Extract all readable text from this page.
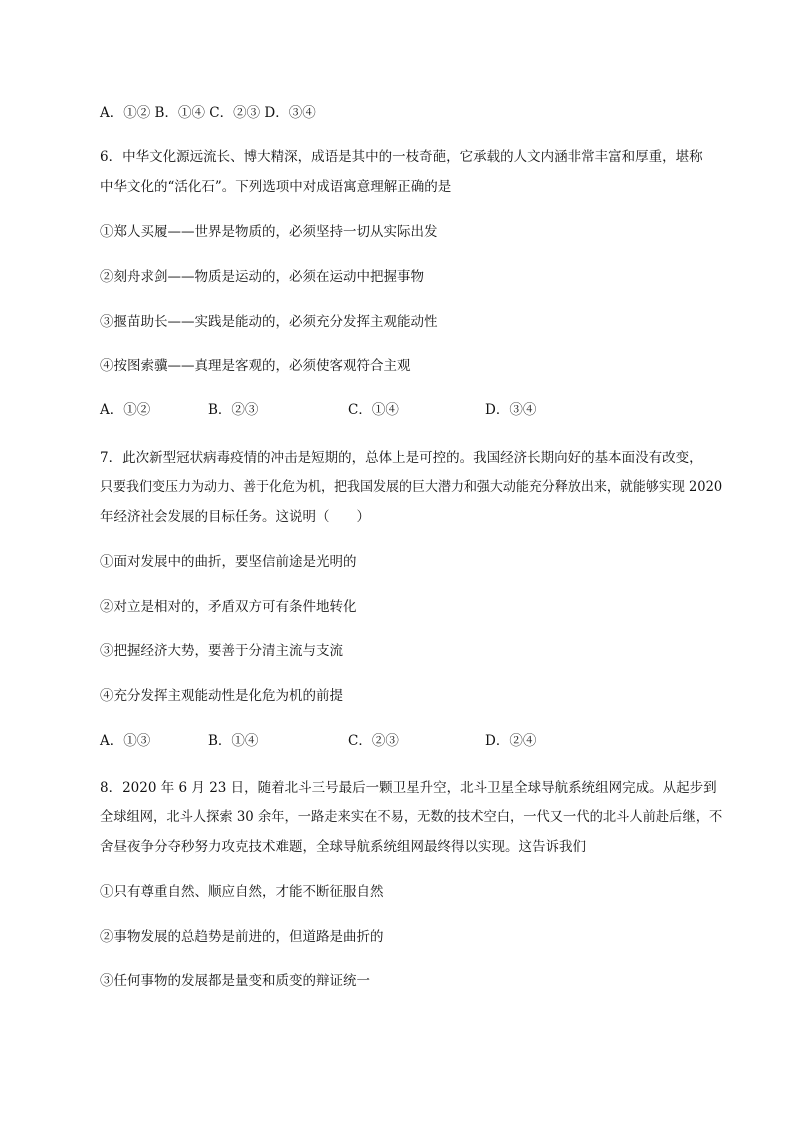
A．①② B．①④ C．②③ D．③④
6．中华文化源远流长、博大精深，成语是其中的一枝奇葩，它承载的人文内涵非常丰富和厚重，堪称
中华文化的“活化石”。下列选项中对成语寓意理解正确的是
①郑人买履——世界是物质的，必须坚持一切从实际出发
②刻舟求剑——物质是运动的，必须在运动中把握事物
③揠苗助长——实践是能动的，必须充分发挥主观能动性
④按图索骥——真理是客观的，必须使客观符合主观
A．①②	B．②③	C．①④	D．③④
7．此次新型冠状病毒疫情的冲击是短期的，总体上是可控的。我国经济长期向好的基本面没有改变，
只要我们变压力为动力、善于化危为机，把我国发展的巨大潜力和强大动能充分释放出来，就能够实现 2020
年经济社会发展的目标任务。这说明（　　）
①面对发展中的曲折，要坚信前途是光明的
②对立是相对的，矛盾双方可有条件地转化
③把握经济大势，要善于分清主流与支流
④充分发挥主观能动性是化危为机的前提
A．①③	B．①④	C．②③	D．②④
8．2020 年 6 月 23 日，随着北斗三号最后一颗卫星升空，北斗卫星全球导航系统组网完成。从起步到
全球组网，北斗人探索 30 余年，一路走来实在不易，无数的技术空白，一代又一代的北斗人前赴后继，不
舍昼夜争分夺秒努力攻克技术难题，全球导航系统组网最终得以实现。这告诉我们
①只有尊重自然、顺应自然，才能不断征服自然
②事物发展的总趋势是前进的，但道路是曲折的
③任何事物的发展都是量变和质变的辩证统一
